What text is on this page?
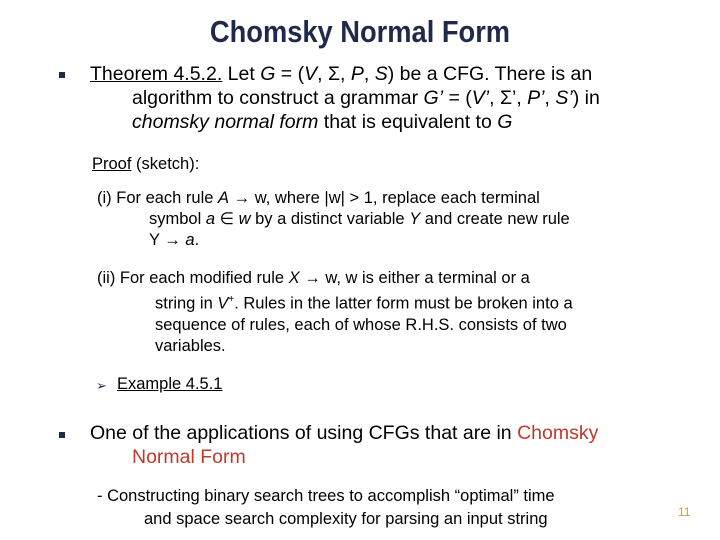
Chomsky Normal Form
Theorem 4.5.2. Let G = (V, Σ, P, S) be a CFG. There is an
algorithm to construct a grammar G’ = (V’, Σ’, P’, S’) in
chomsky normal form that is equivalent to G
Proof (sketch):
(i) For each rule A → w, where |w| > 1, replace each terminal
symbol a ∈ w by a distinct variable Y and create new rule
Y → a.
(ii) For each modified rule X → w, w is either a terminal or a
string in V+. Rules in the latter form must be broken into a
sequence of rules, each of whose R.H.S. consists of two
variables.
➢ Example 4.5.1
One of the applications of using CFGs that are in Chomsky
Normal Form
- Constructing binary search trees to accomplish “optimal” time
and space search complexity for parsing an input string	11
